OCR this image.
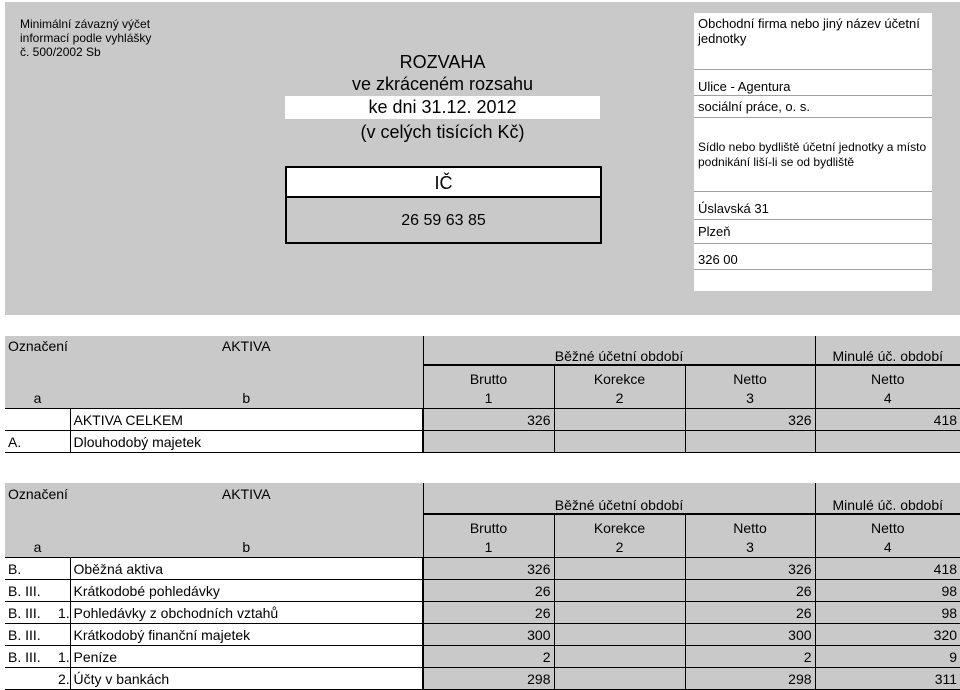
Minimální závazný výčet
informací podle vyhlášky
č. 500/2002 Sb	ROZVAHA
ve zkráceném rozsahu
ke dni 31.12. 2012
(v celých tisících Kč)
IČ
26 59 63 85
Obchodní firma nebo jiný název účetní jednotky
Ulice - Agentura
sociální práce, o. s.
Sídlo nebo bydliště účetní jednotky a místo podnikání liší-li se od bydliště
Úslavská 31
Plzeň
326 00
Označení	AKTIVA	Běžné účetní období			Minulé úč. období
		Brutto	Korekce	Netto	Netto
a	b	1	2	3	4
	AKTIVA CELKEM	326		326	418
A.	Dlouhodobý majetek				
Označení		AKTIVA	Běžné účetní období			Minulé úč. období
			Brutto	Korekce	Netto	Netto
a		b	1	2	3	4
B.		Oběžná aktiva	326		326	418
B. III.		Krátkodobé pohledávky	26		26	98
B. III.	1.	Pohledávky z obchodních vztahů	26		26	98
B. III.		Krátkodobý finanční majetek	300		300	320
B. III.	1.	Peníze	2		2	9
	2.	Účty v bankách	298		298	311
